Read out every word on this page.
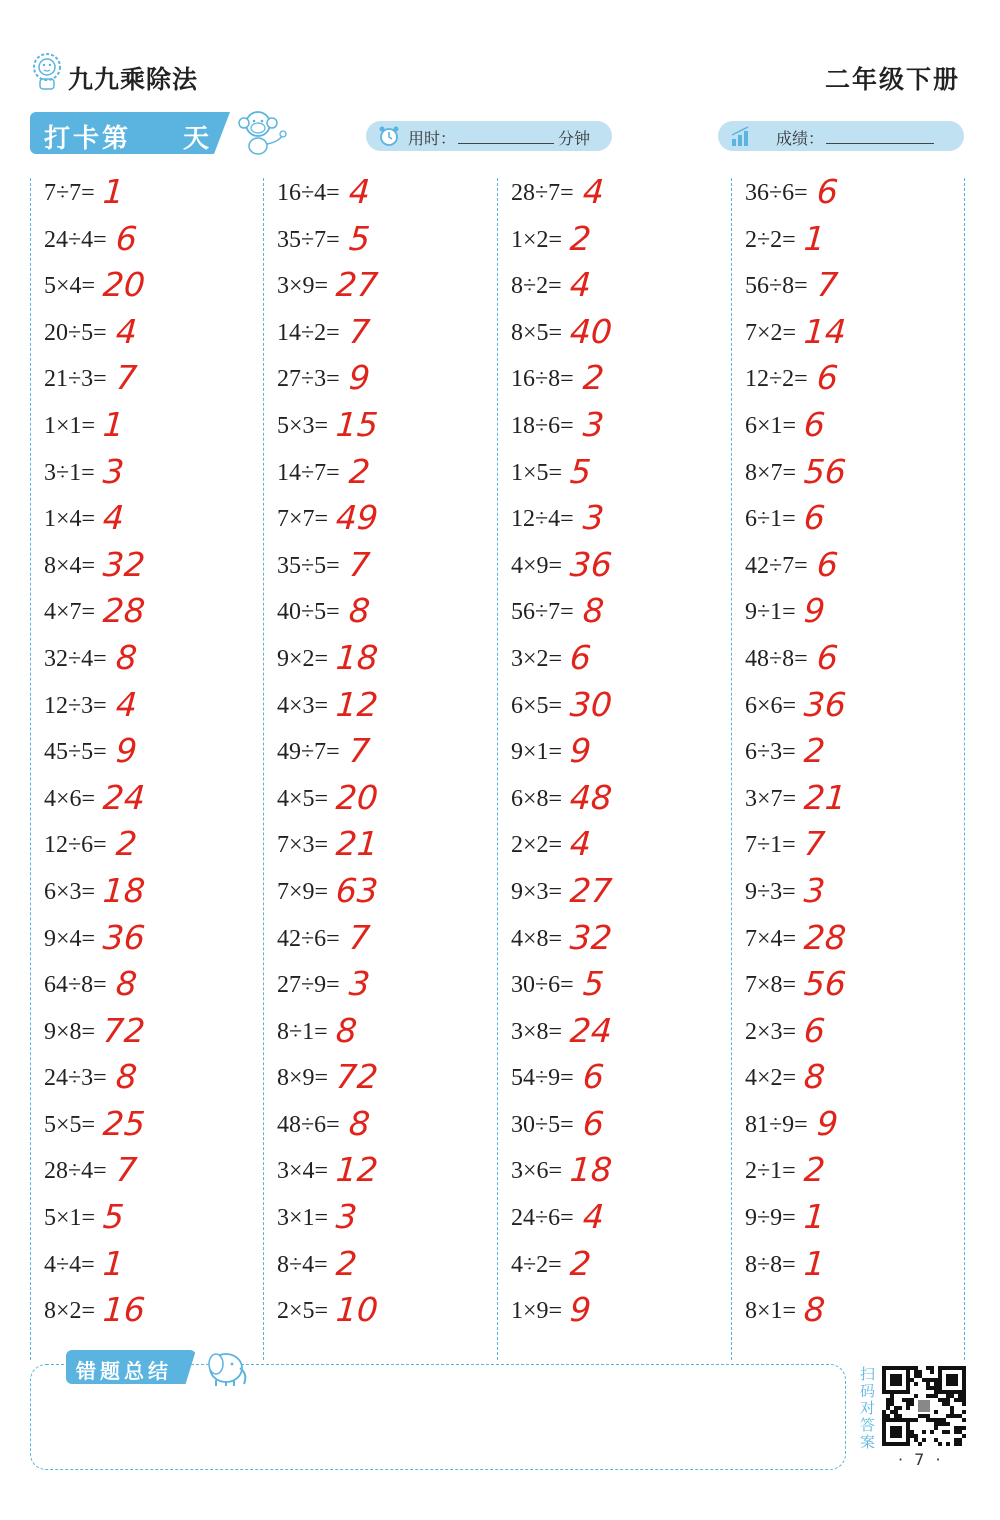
九九乘除法	二年级下册
打卡第 天	用时：	分钟	成绩：
7÷7= 1
24÷4= 6
5×4= 20
20÷5= 4
21÷3= 7
1×1= 1
3÷1= 3
1×4= 4
8×4= 32
4×7= 28
32÷4= 8
12÷3= 4
45÷5= 9
4×6= 24
12÷6= 2
6×3= 18
9×4= 36
64÷8= 8
9×8= 72
24÷3= 8
5×5= 25
28÷4= 7
5×1= 5
4÷4= 1
8×2= 16
16÷4= 4
35÷7= 5
3×9= 27
14÷2= 7
27÷3= 9
5×3= 15
14÷7= 2
7×7= 49
35÷5= 7
40÷5= 8
9×2= 18
4×3= 12
49÷7= 7
4×5= 20
7×3= 21
7×9= 63
42÷6= 7
27÷9= 3
8÷1= 8
8×9= 72
48÷6= 8
3×4= 12
3×1= 3
8÷4= 2
2×5= 10
28÷7= 4
1×2= 2
8÷2= 4
8×5= 40
16÷8= 2
18÷6= 3
1×5= 5
12÷4= 3
4×9= 36
56÷7= 8
3×2= 6
6×5= 30
9×1= 9
6×8= 48
2×2= 4
9×3= 27
4×8= 32
30÷6= 5
3×8= 24
54÷9= 6
30÷5= 6
3×6= 18
24÷6= 4
4÷2= 2
1×9= 9
36÷6= 6
2÷2= 1
56÷8= 7
7×2= 14
12÷2= 6
6×1= 6
8×7= 56
6÷1= 6
42÷7= 6
9÷1= 9
48÷8= 6
6×6= 36
6÷3= 2
3×7= 21
7÷1= 7
9÷3= 3
7×4= 28
7×8= 56
2×3= 6
4×2= 8
81÷9= 9
2÷1= 2
9÷9= 1
8÷8= 1
8×1= 8
错题总结	扫码对答案
· 7 ·
